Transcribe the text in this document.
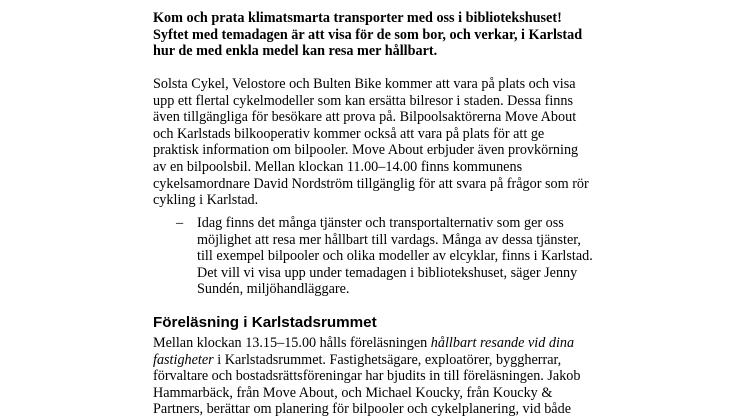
Kom och prata klimatsmarta transporter med oss i bibliotekshuset!
Syftet med temadagen är att visa för de som bor, och verkar, i Karlstad
hur de med enkla medel kan resa mer hållbart.

Solsta Cykel, Velostore och Bulten Bike kommer att vara på plats och visa
upp ett flertal cykelmodeller som kan ersätta bilresor i staden. Dessa finns
även tillgängliga för besökare att prova på. Bilpoolsaktörerna Move About
och Karlstads bilkooperativ kommer också att vara på plats för att ge
praktisk information om bilpooler. Move About erbjuder även provkörning
av en bilpoolsbil. Mellan klockan 11.00–14.00 finns kommunens
cykelsamordnare David Nordström tillgänglig för att svara på frågor som rör
cykling i Karlstad.

– Idag finns det många tjänster och transportalternativ som ger oss
möjlighet att resa mer hållbart till vardags. Många av dessa tjänster,
till exempel bilpooler och olika modeller av elcyklar, finns i Karlstad.
Det vill vi visa upp under temadagen i bibliotekshuset, säger Jenny
Sundén, miljöhandläggare.

Föreläsning i Karlstadsrummet

Mellan klockan 13.15–15.00 hålls föreläsningen hållbart resande vid dina
fastigheter i Karlstadsrummet. Fastighetsägare, exploatörer, byggherrar,
förvaltare och bostadsrättsföreningar har bjudits in till föreläsningen. Jakob
Hammarbäck, från Move About, och Michael Koucky, från Koucky &
Partners, berättar om planering för bilpooler och cykelplanering, vid både
